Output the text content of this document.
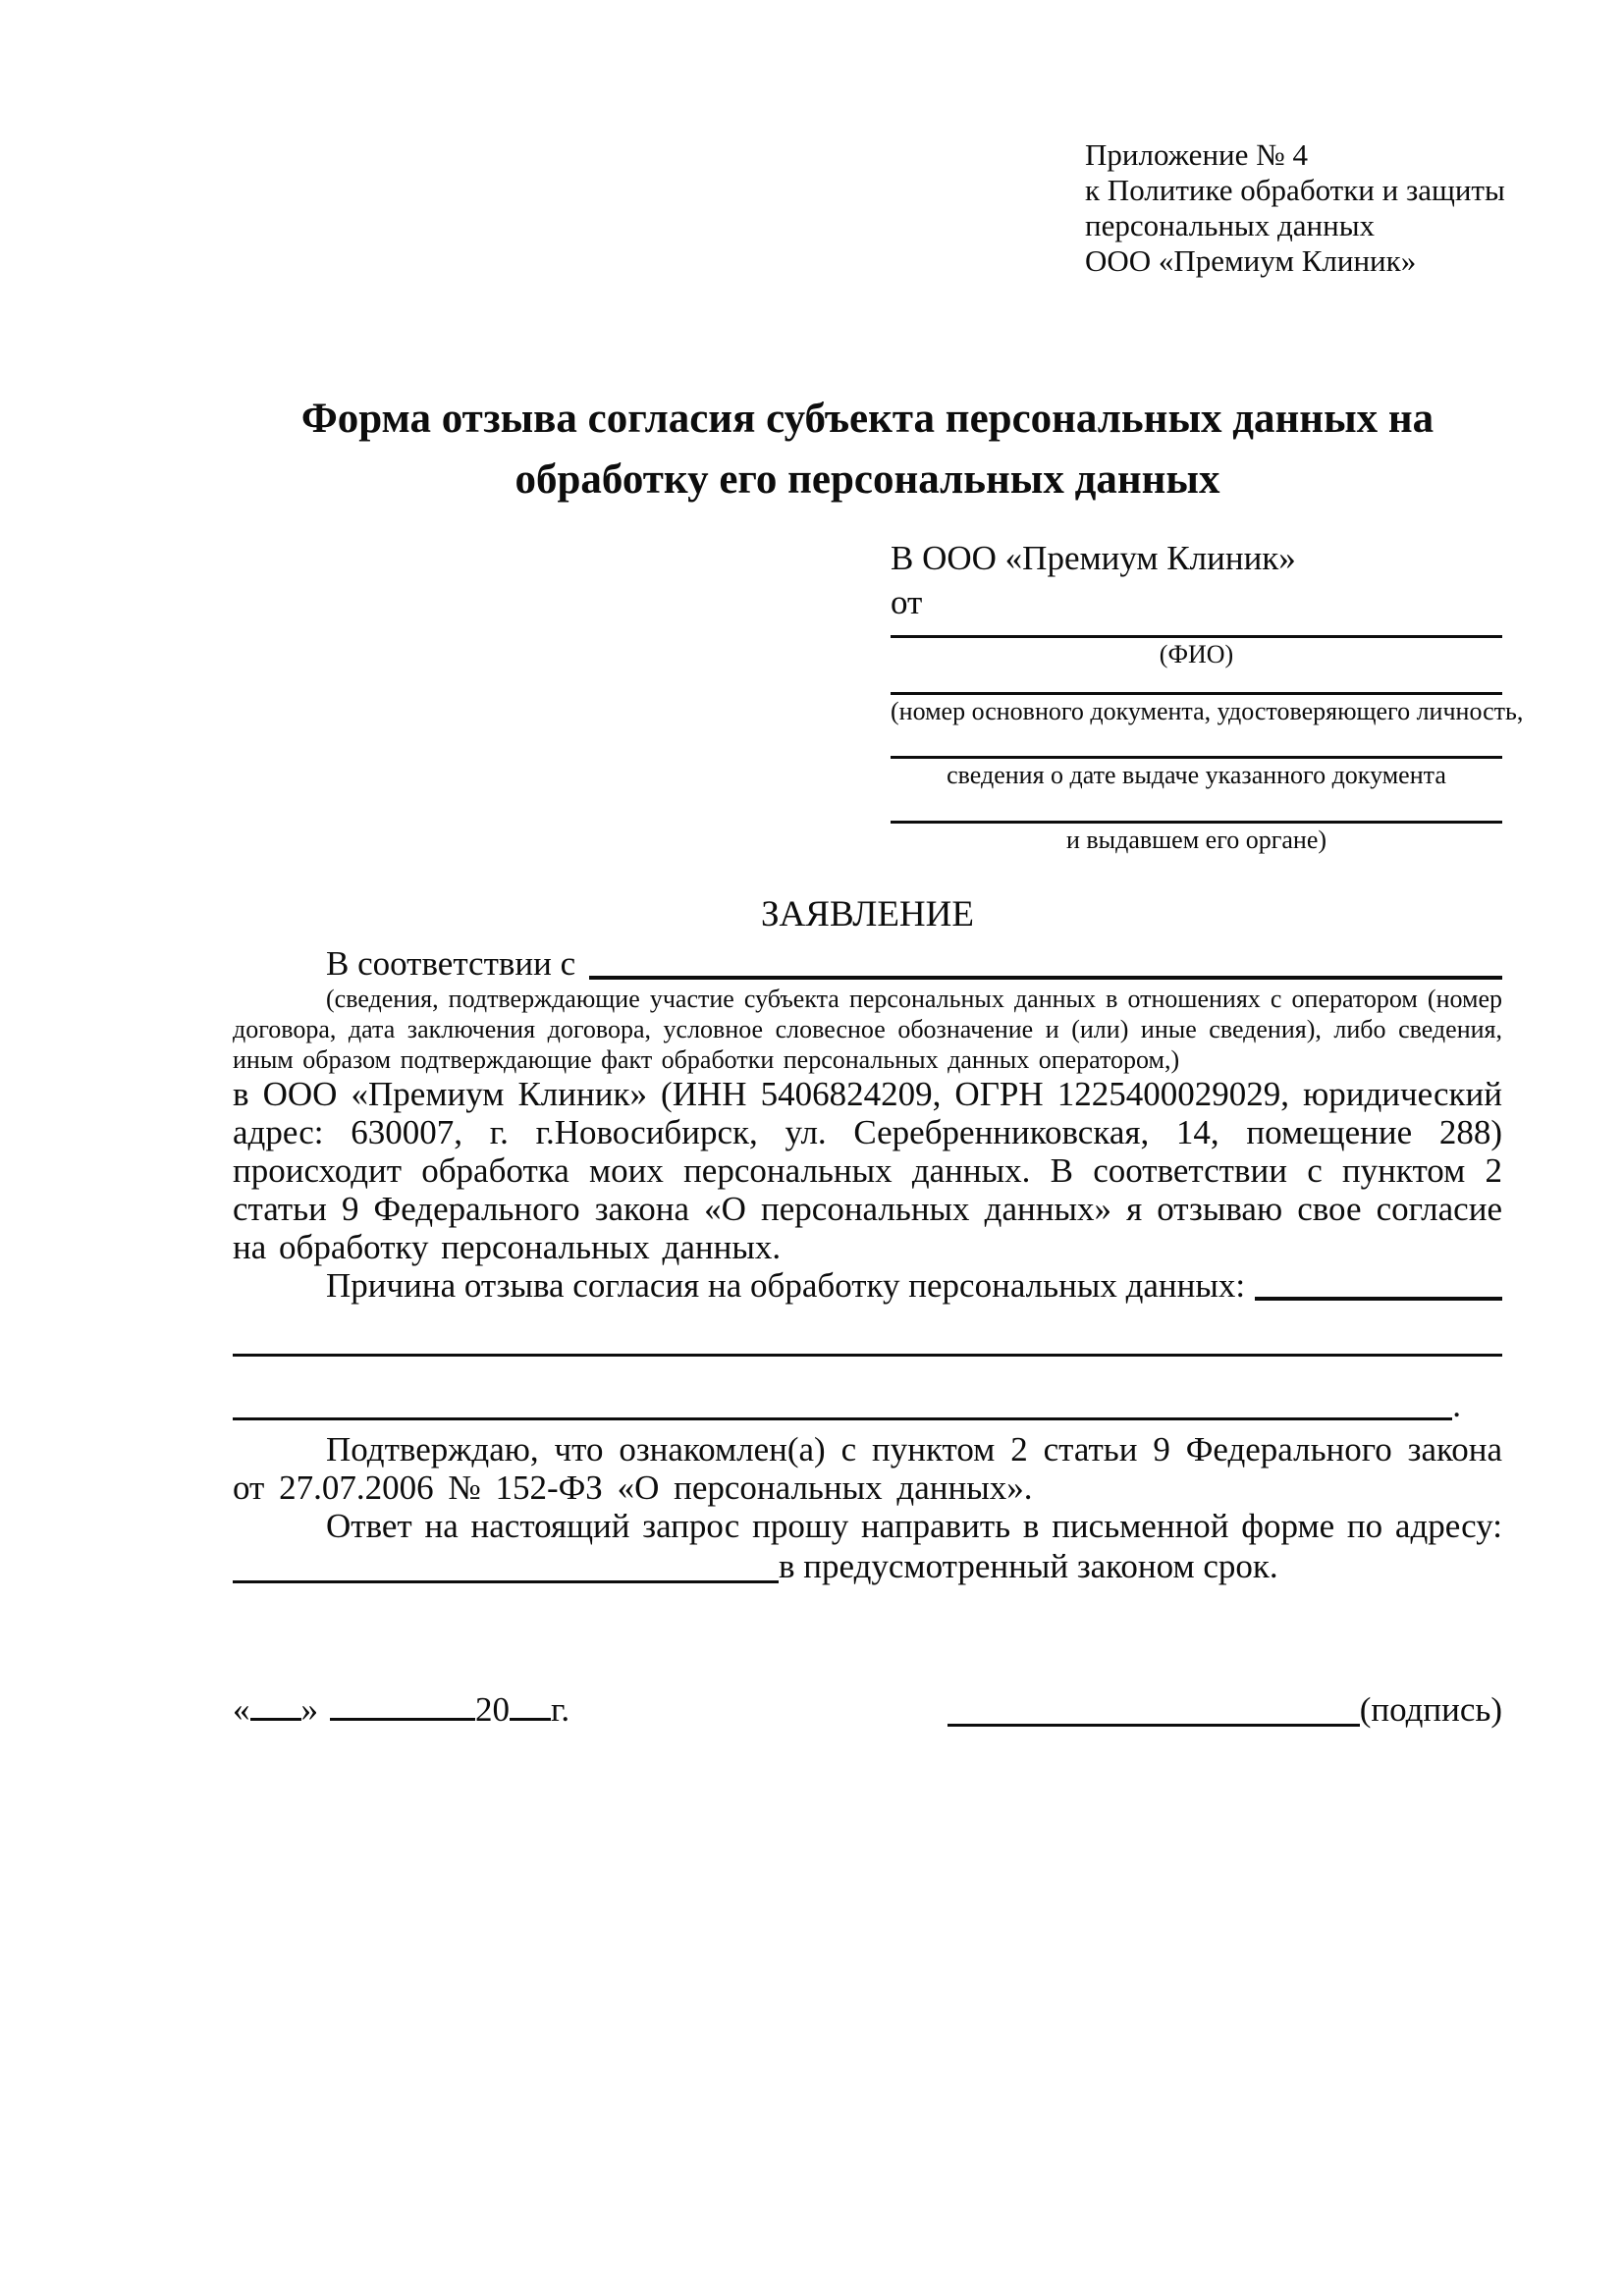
Приложение № 4
к Политике обработки и защиты
персональных данных
ООО «Премиум Клиник»
Форма отзыва согласия субъекта персональных данных на обработку его персональных данных
В ООО «Премиум Клиник»
от
(ФИО)
(номер основного документа, удостоверяющего личность,
сведения о дате выдаче указанного документа
и выдавшем его органе)
ЗАЯВЛЕНИЕ
В соответствии с
(сведения, подтверждающие участие субъекта персональных данных в отношениях с оператором (номер договора, дата заключения договора, условное словесное обозначение и (или) иные сведения), либо сведения, иным образом подтверждающие факт обработки персональных данных оператором,)
в ООО «Премиум Клиник» (ИНН 5406824209, ОГРН 1225400029029, юридический адрес: 630007, г. г.Новосибирск, ул. Серебренниковская, 14, помещение 288) происходит обработка моих персональных данных. В соответствии с пунктом 2 статьи 9 Федерального закона «О персональных данных» я отзываю свое согласие на обработку персональных данных.
Причина отзыва согласия на обработку персональных данных:
.
Подтверждаю, что ознакомлен(а) с пунктом 2 статьи 9 Федерального закона от 27.07.2006 № 152-ФЗ «О персональных данных».
Ответ на настоящий запрос прошу направить в письменной форме по адресу:
в предусмотренный законом срок.
« »	20 г.	(подпись)
